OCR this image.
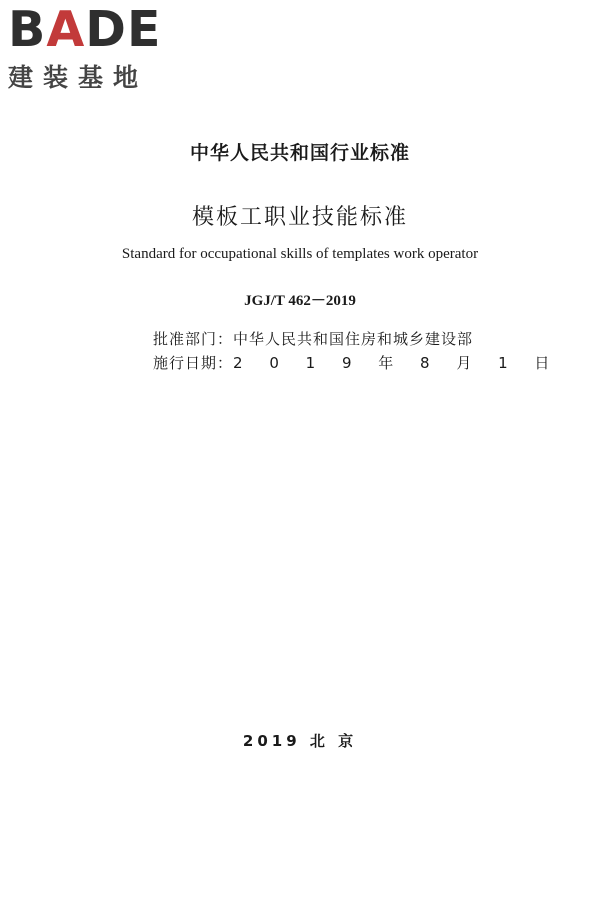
BADE
建装基地
中华人民共和国行业标准
模板工职业技能标准
Standard for occupational skills of templates work operator
JGJ/T 462－2019
批准部门：中华人民共和国住房和城乡建设部
施行日期：2 0 1 9 年 8 月 1 日
2019 北 京
